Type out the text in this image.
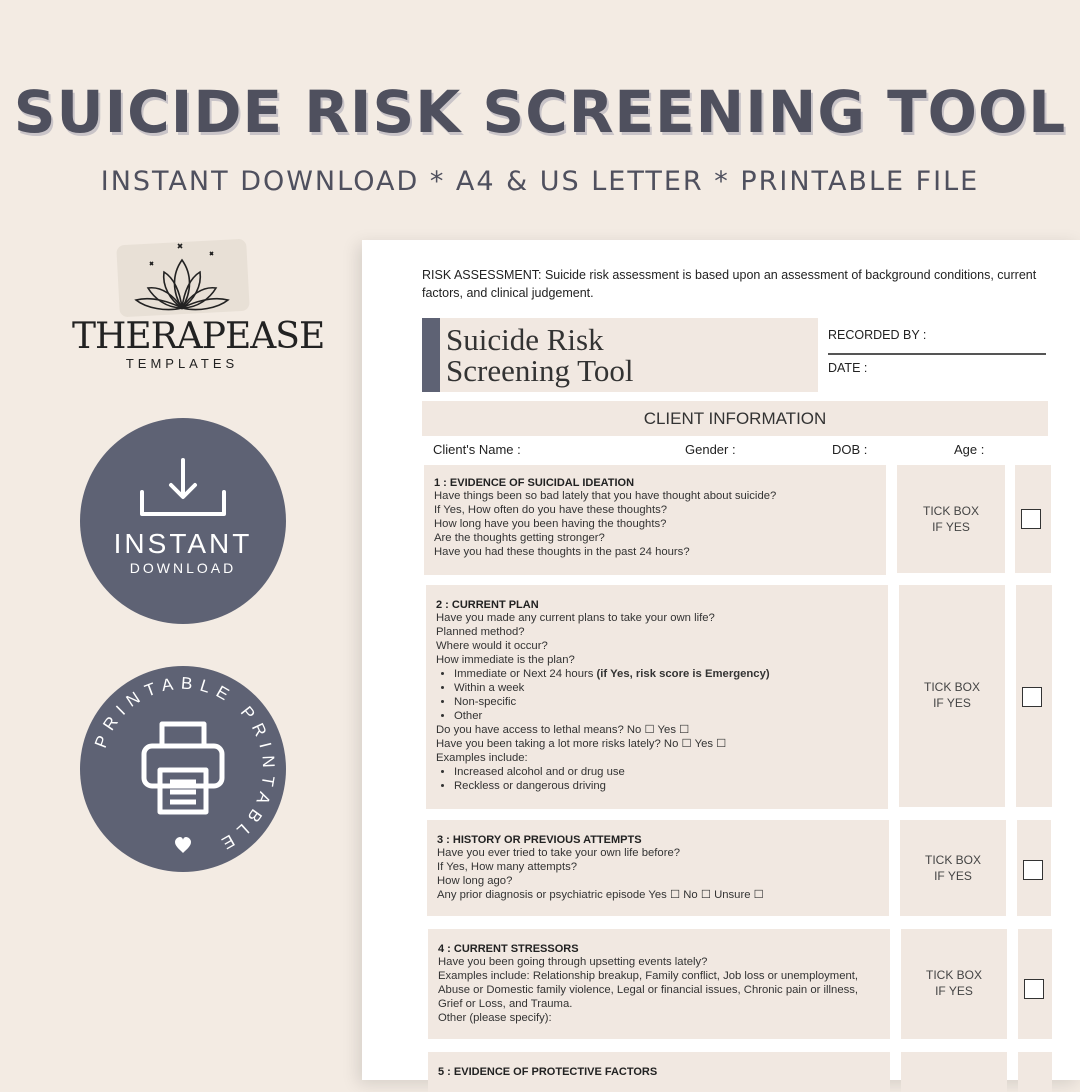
SUICIDE RISK SCREENING TOOL
INSTANT DOWNLOAD * A4 & US LETTER * PRINTABLE FILE
THERAPEASE
TEMPLATES
INSTANT
DOWNLOAD
PRINTABLE PRINTABLE
RISK ASSESSMENT: Suicide risk assessment is based upon an assessment of background conditions, current factors, and clinical judgement.
Suicide Risk
Screening Tool
RECORDED BY :
DATE :
CLIENT INFORMATION
Client's Name :	Gender :	DOB :	Age :
1 : EVIDENCE OF SUICIDAL IDEATION
Have things been so bad lately that you have thought about suicide?
If Yes, How often do you have these thoughts?
How long have you been having the thoughts?
Are the thoughts getting stronger?
Have you had these thoughts in the past 24 hours?
TICK BOX
IF YES
2 : CURRENT PLAN
Have you made any current plans to take your own life?
Planned method?
Where would it occur?
How immediate is the plan?
• Immediate or Next 24 hours (if Yes, risk score is Emergency)
• Within a week
• Non-specific
• Other
Do you have access to lethal means? No ☐ Yes ☐
Have you been taking a lot more risks lately? No ☐ Yes ☐
Examples include:
• Increased alcohol and or drug use
• Reckless or dangerous driving
TICK BOX
IF YES
3 : HISTORY OR PREVIOUS ATTEMPTS
Have you ever tried to take your own life before?
If Yes, How many attempts?
How long ago?
Any prior diagnosis or psychiatric episode Yes ☐ No ☐ Unsure ☐
TICK BOX
IF YES
4 : CURRENT STRESSORS
Have you been going through upsetting events lately?
Examples include: Relationship breakup, Family conflict, Job loss or unemployment,
Abuse or Domestic family violence, Legal or financial issues, Chronic pain or illness,
Grief or Loss, and Trauma.
Other (please specify):
TICK BOX
IF YES
5 : EVIDENCE OF PROTECTIVE FACTORS
